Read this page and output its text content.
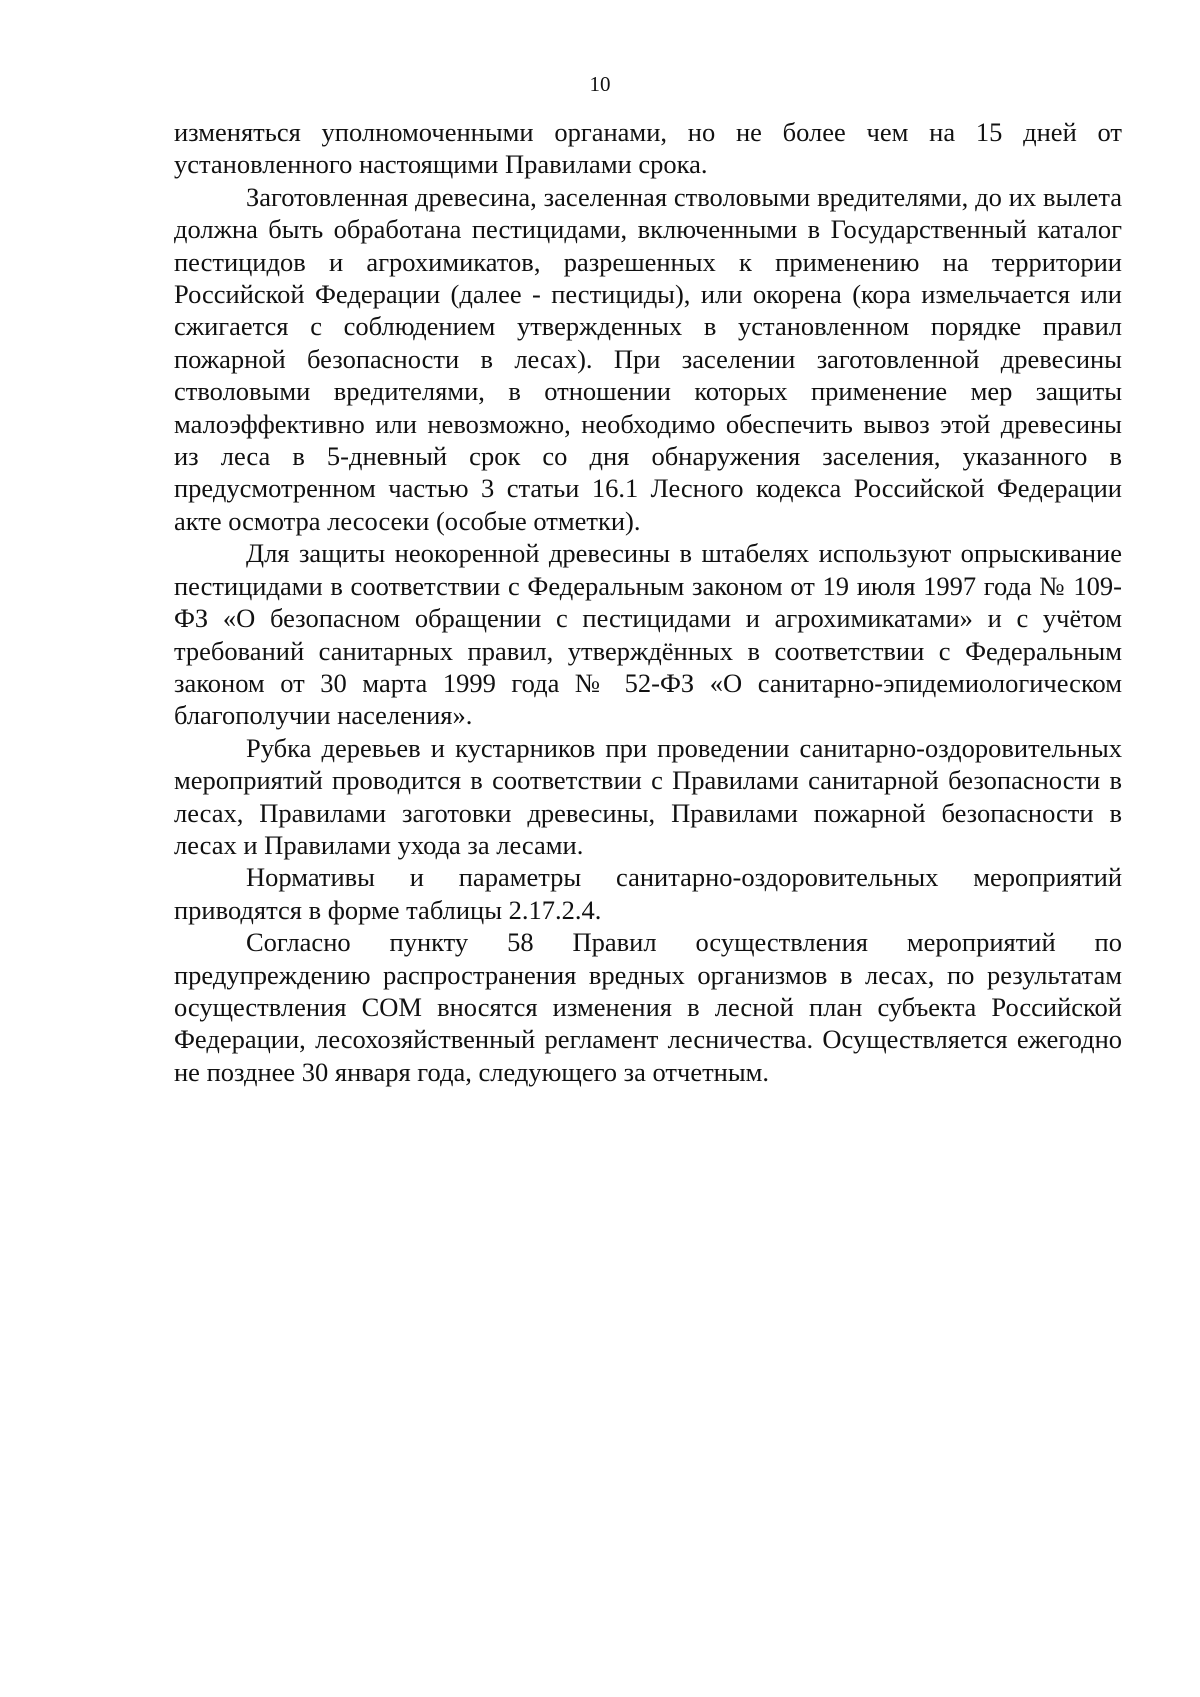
10

изменяться уполномоченными органами, но не более чем на 15 дней от установленного настоящими Правилами срока.

Заготовленная древесина, заселенная стволовыми вредителями, до их вылета должна быть обработана пестицидами, включенными в Государственный каталог пестицидов и агрохимикатов, разрешенных к применению на территории Российской Федерации (далее - пестициды), или окорена (кора измельчается или сжигается с соблюдением утвержденных в установленном порядке правил пожарной безопасности в лесах). При заселении заготовленной древесины стволовыми вредителями, в отношении которых применение мер защиты малоэффективно или невозможно, необходимо обеспечить вывоз этой древесины из леса в 5-дневный срок со дня обнаружения заселения, указанного в предусмотренном частью 3 статьи 16.1 Лесного кодекса Российской Федерации акте осмотра лесосеки (особые отметки).

Для защиты неокоренной древесины в штабелях используют опрыскивание пестицидами в соответствии с Федеральным законом от 19 июля 1997 года № 109-ФЗ «О безопасном обращении с пестицидами и агрохимикатами» и с учётом требований санитарных правил, утверждённых в соответствии с Федеральным законом от 30 марта 1999 года № 52-ФЗ «О санитарно-эпидемиологическом благополучии населения».

Рубка деревьев и кустарников при проведении санитарно-оздоровительных мероприятий проводится в соответствии с Правилами санитарной безопасности в лесах, Правилами заготовки древесины, Правилами пожарной безопасности в лесах и Правилами ухода за лесами.

Нормативы и параметры санитарно-оздоровительных мероприятий приводятся в форме таблицы 2.17.2.4.

Согласно пункту 58 Правил осуществления мероприятий по предупреждению распространения вредных организмов в лесах, по результатам осуществления СОМ вносятся изменения в лесной план субъекта Российской Федерации, лесохозяйственный регламент лесничества. Осуществляется ежегодно не позднее 30 января года, следующего за отчетным.
